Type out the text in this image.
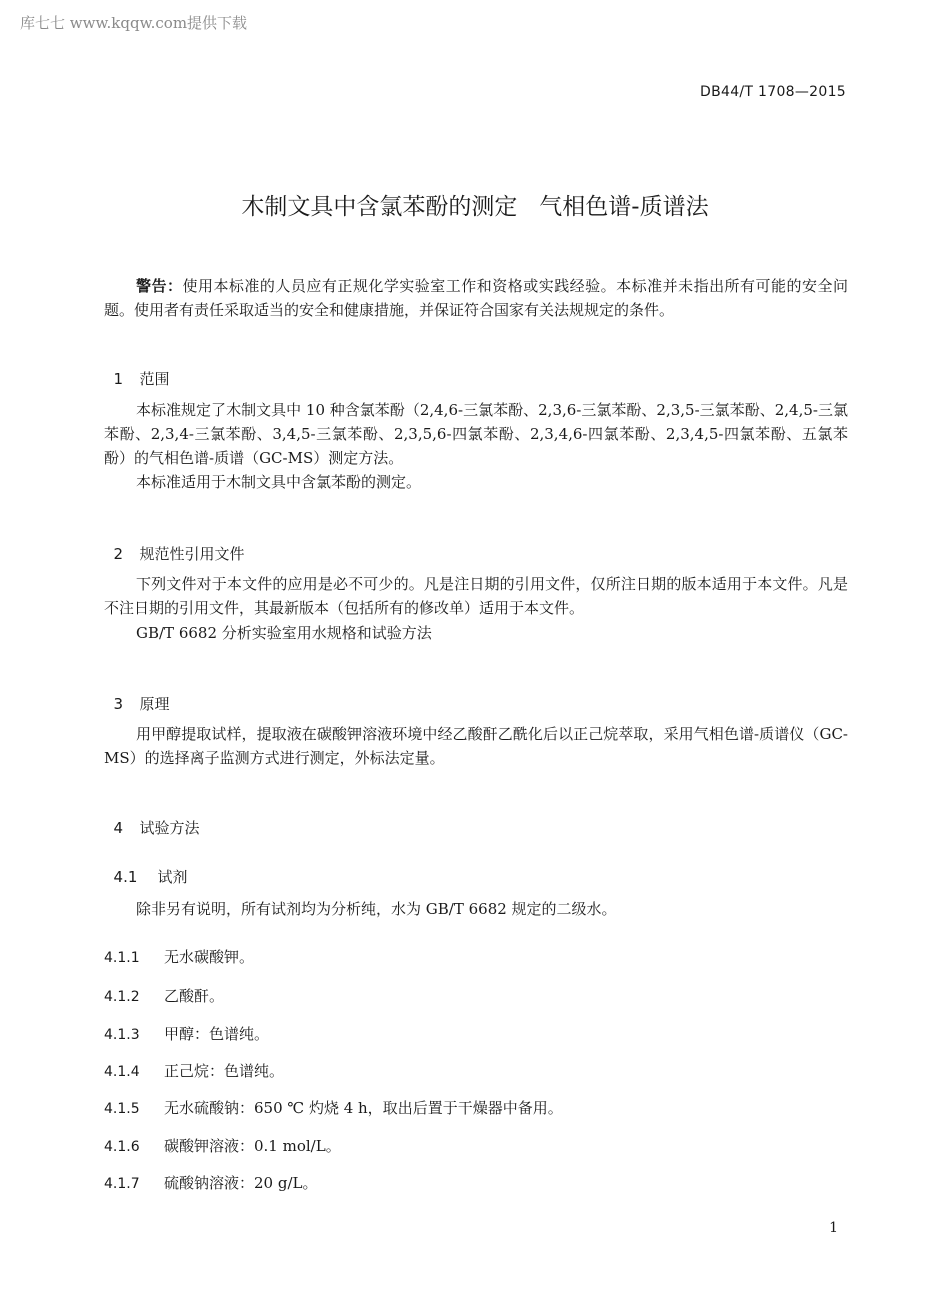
库七七 www.kqqw.com提供下载
DB44/T 1708—2015
木制文具中含氯苯酚的测定   气相色谱-质谱法
警告：使用本标准的人员应有正规化学实验室工作和资格或实践经验。本标准并未指出所有可能的安全问题。使用者有责任采取适当的安全和健康措施，并保证符合国家有关法规规定的条件。

1 范围

本标准规定了木制文具中 10 种含氯苯酚（2,4,6-三氯苯酚、2,3,6-三氯苯酚、2,3,5-三氯苯酚、2,4,5-三氯苯酚、2,3,4-三氯苯酚、3,4,5-三氯苯酚、2,3,5,6-四氯苯酚、2,3,4,6-四氯苯酚、2,3,4,5-四氯苯酚、五氯苯酚）的气相色谱-质谱（GC-MS）测定方法。
本标准适用于木制文具中含氯苯酚的测定。

2 规范性引用文件

下列文件对于本文件的应用是必不可少的。凡是注日期的引用文件，仅所注日期的版本适用于本文件。凡是不注日期的引用文件，其最新版本（包括所有的修改单）适用于本文件。
GB/T 6682 分析实验室用水规格和试验方法

3 原理

用甲醇提取试样，提取液在碳酸钾溶液环境中经乙酸酐乙酰化后以正己烷萃取，采用气相色谱-质谱仪（GC-MS）的选择离子监测方式进行测定，外标法定量。

4 试验方法

4.1 试剂

除非另有说明，所有试剂均为分析纯，水为 GB/T 6682 规定的二级水。
4.1.1 无水碳酸钾。
4.1.2 乙酸酐。
4.1.3 甲醇：色谱纯。
4.1.4 正己烷：色谱纯。
4.1.5 无水硫酸钠：650 ℃ 灼烧 4 h，取出后置于干燥器中备用。
4.1.6 碳酸钾溶液：0.1 mol/L。
4.1.7 硫酸钠溶液：20 g/L。
1
